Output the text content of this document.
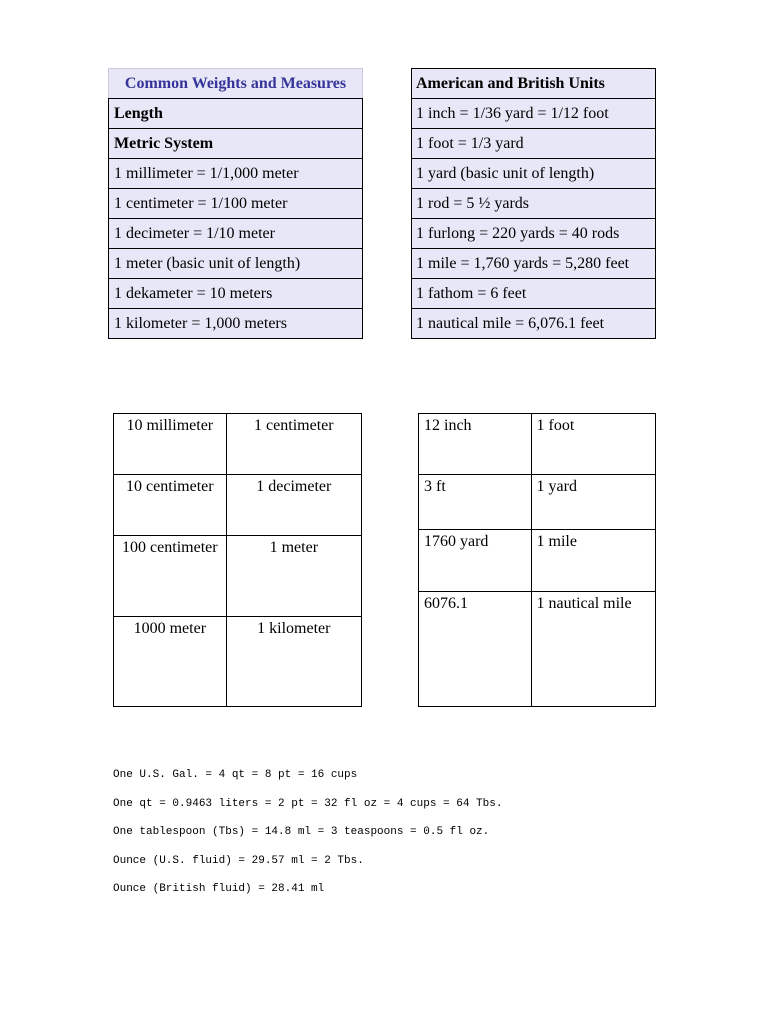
Common Weights and Measures
Length
Metric System
1 millimeter = 1/1,000 meter
1 centimeter = 1/100 meter
1 decimeter = 1/10 meter
1 meter (basic unit of length)
1 dekameter = 10 meters
1 kilometer = 1,000 meters
American and British Units
1 inch = 1/36 yard = 1/12 foot
1 foot = 1/3 yard
1 yard (basic unit of length)
1 rod = 5 ½ yards
1 furlong = 220 yards = 40 rods
1 mile = 1,760 yards = 5,280 feet
1 fathom = 6 feet
1 nautical mile = 6,076.1 feet
10 millimeter	1 centimeter
10 centimeter	1 decimeter
100 centimeter	1 meter
1000 meter	1 kilometer
12 inch	1 foot
3 ft	1 yard
1760 yard	1 mile
6076.1	1 nautical mile
One U.S. Gal. = 4 qt = 8 pt = 16 cups
One qt = 0.9463 liters = 2 pt = 32 fl oz = 4 cups = 64 Tbs.
One tablespoon (Tbs) = 14.8 ml = 3 teaspoons = 0.5 fl oz.
Ounce (U.S. fluid) = 29.57 ml = 2 Tbs.
Ounce (British fluid) = 28.41 ml
